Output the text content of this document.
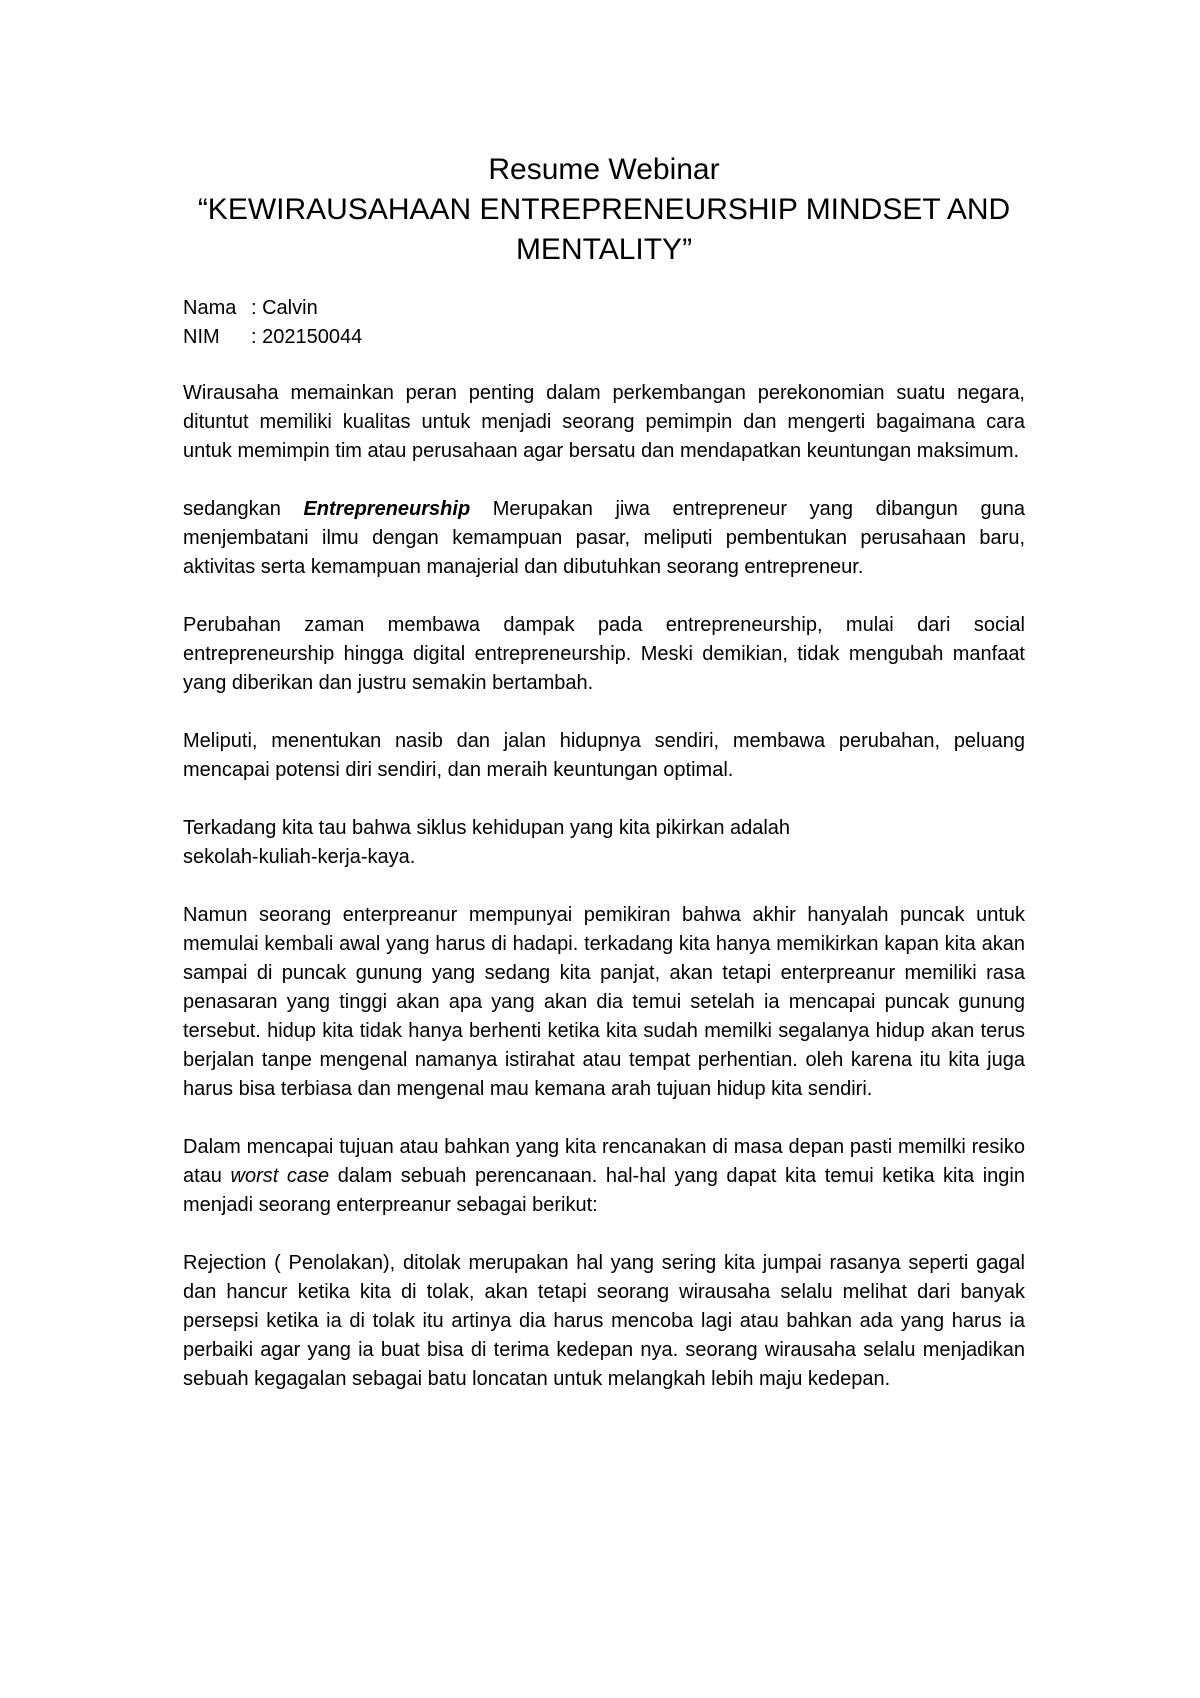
Resume Webinar
“KEWIRAUSAHAAN ENTREPRENEURSHIP MINDSET AND MENTALITY”
Nama : Calvin
NIM	: 202150044

Wirausaha memainkan peran penting dalam perkembangan perekonomian suatu negara, dituntut memiliki kualitas untuk menjadi seorang pemimpin dan mengerti bagaimana cara untuk memimpin tim atau perusahaan agar bersatu dan mendapatkan keuntungan maksimum.

sedangkan Entrepreneurship Merupakan jiwa entrepreneur yang dibangun guna menjembatani ilmu dengan kemampuan pasar, meliputi pembentukan perusahaan baru, aktivitas serta kemampuan manajerial dan dibutuhkan seorang entrepreneur.

Perubahan zaman membawa dampak pada entrepreneurship, mulai dari social entrepreneurship hingga digital entrepreneurship. Meski demikian, tidak mengubah manfaat yang diberikan dan justru semakin bertambah.

Meliputi, menentukan nasib dan jalan hidupnya sendiri, membawa perubahan, peluang mencapai potensi diri sendiri, dan meraih keuntungan optimal.

Terkadang kita tau bahwa siklus kehidupan yang kita pikirkan adalah
sekolah-kuliah-kerja-kaya.

Namun seorang enterpreanur mempunyai pemikiran bahwa akhir hanyalah puncak untuk memulai kembali awal yang harus di hadapi. terkadang kita hanya memikirkan kapan kita akan sampai di puncak gunung yang sedang kita panjat, akan tetapi enterpreanur memiliki rasa penasaran yang tinggi akan apa yang akan dia temui setelah ia mencapai puncak gunung tersebut. hidup kita tidak hanya berhenti ketika kita sudah memilki segalanya hidup akan terus berjalan tanpe mengenal namanya istirahat atau tempat perhentian. oleh karena itu kita juga harus bisa terbiasa dan mengenal mau kemana arah tujuan hidup kita sendiri.

Dalam mencapai tujuan atau bahkan yang kita rencanakan di masa depan pasti memilki resiko atau worst case dalam sebuah perencanaan. hal-hal yang dapat kita temui ketika kita ingin menjadi seorang enterpreanur sebagai berikut:

Rejection ( Penolakan), ditolak merupakan hal yang sering kita jumpai rasanya seperti gagal dan hancur ketika kita di tolak, akan tetapi seorang wirausaha selalu melihat dari banyak persepsi ketika ia di tolak itu artinya dia harus mencoba lagi atau bahkan ada yang harus ia perbaiki agar yang ia buat bisa di terima kedepan nya. seorang wirausaha selalu menjadikan sebuah kegagalan sebagai batu loncatan untuk melangkah lebih maju kedepan.
